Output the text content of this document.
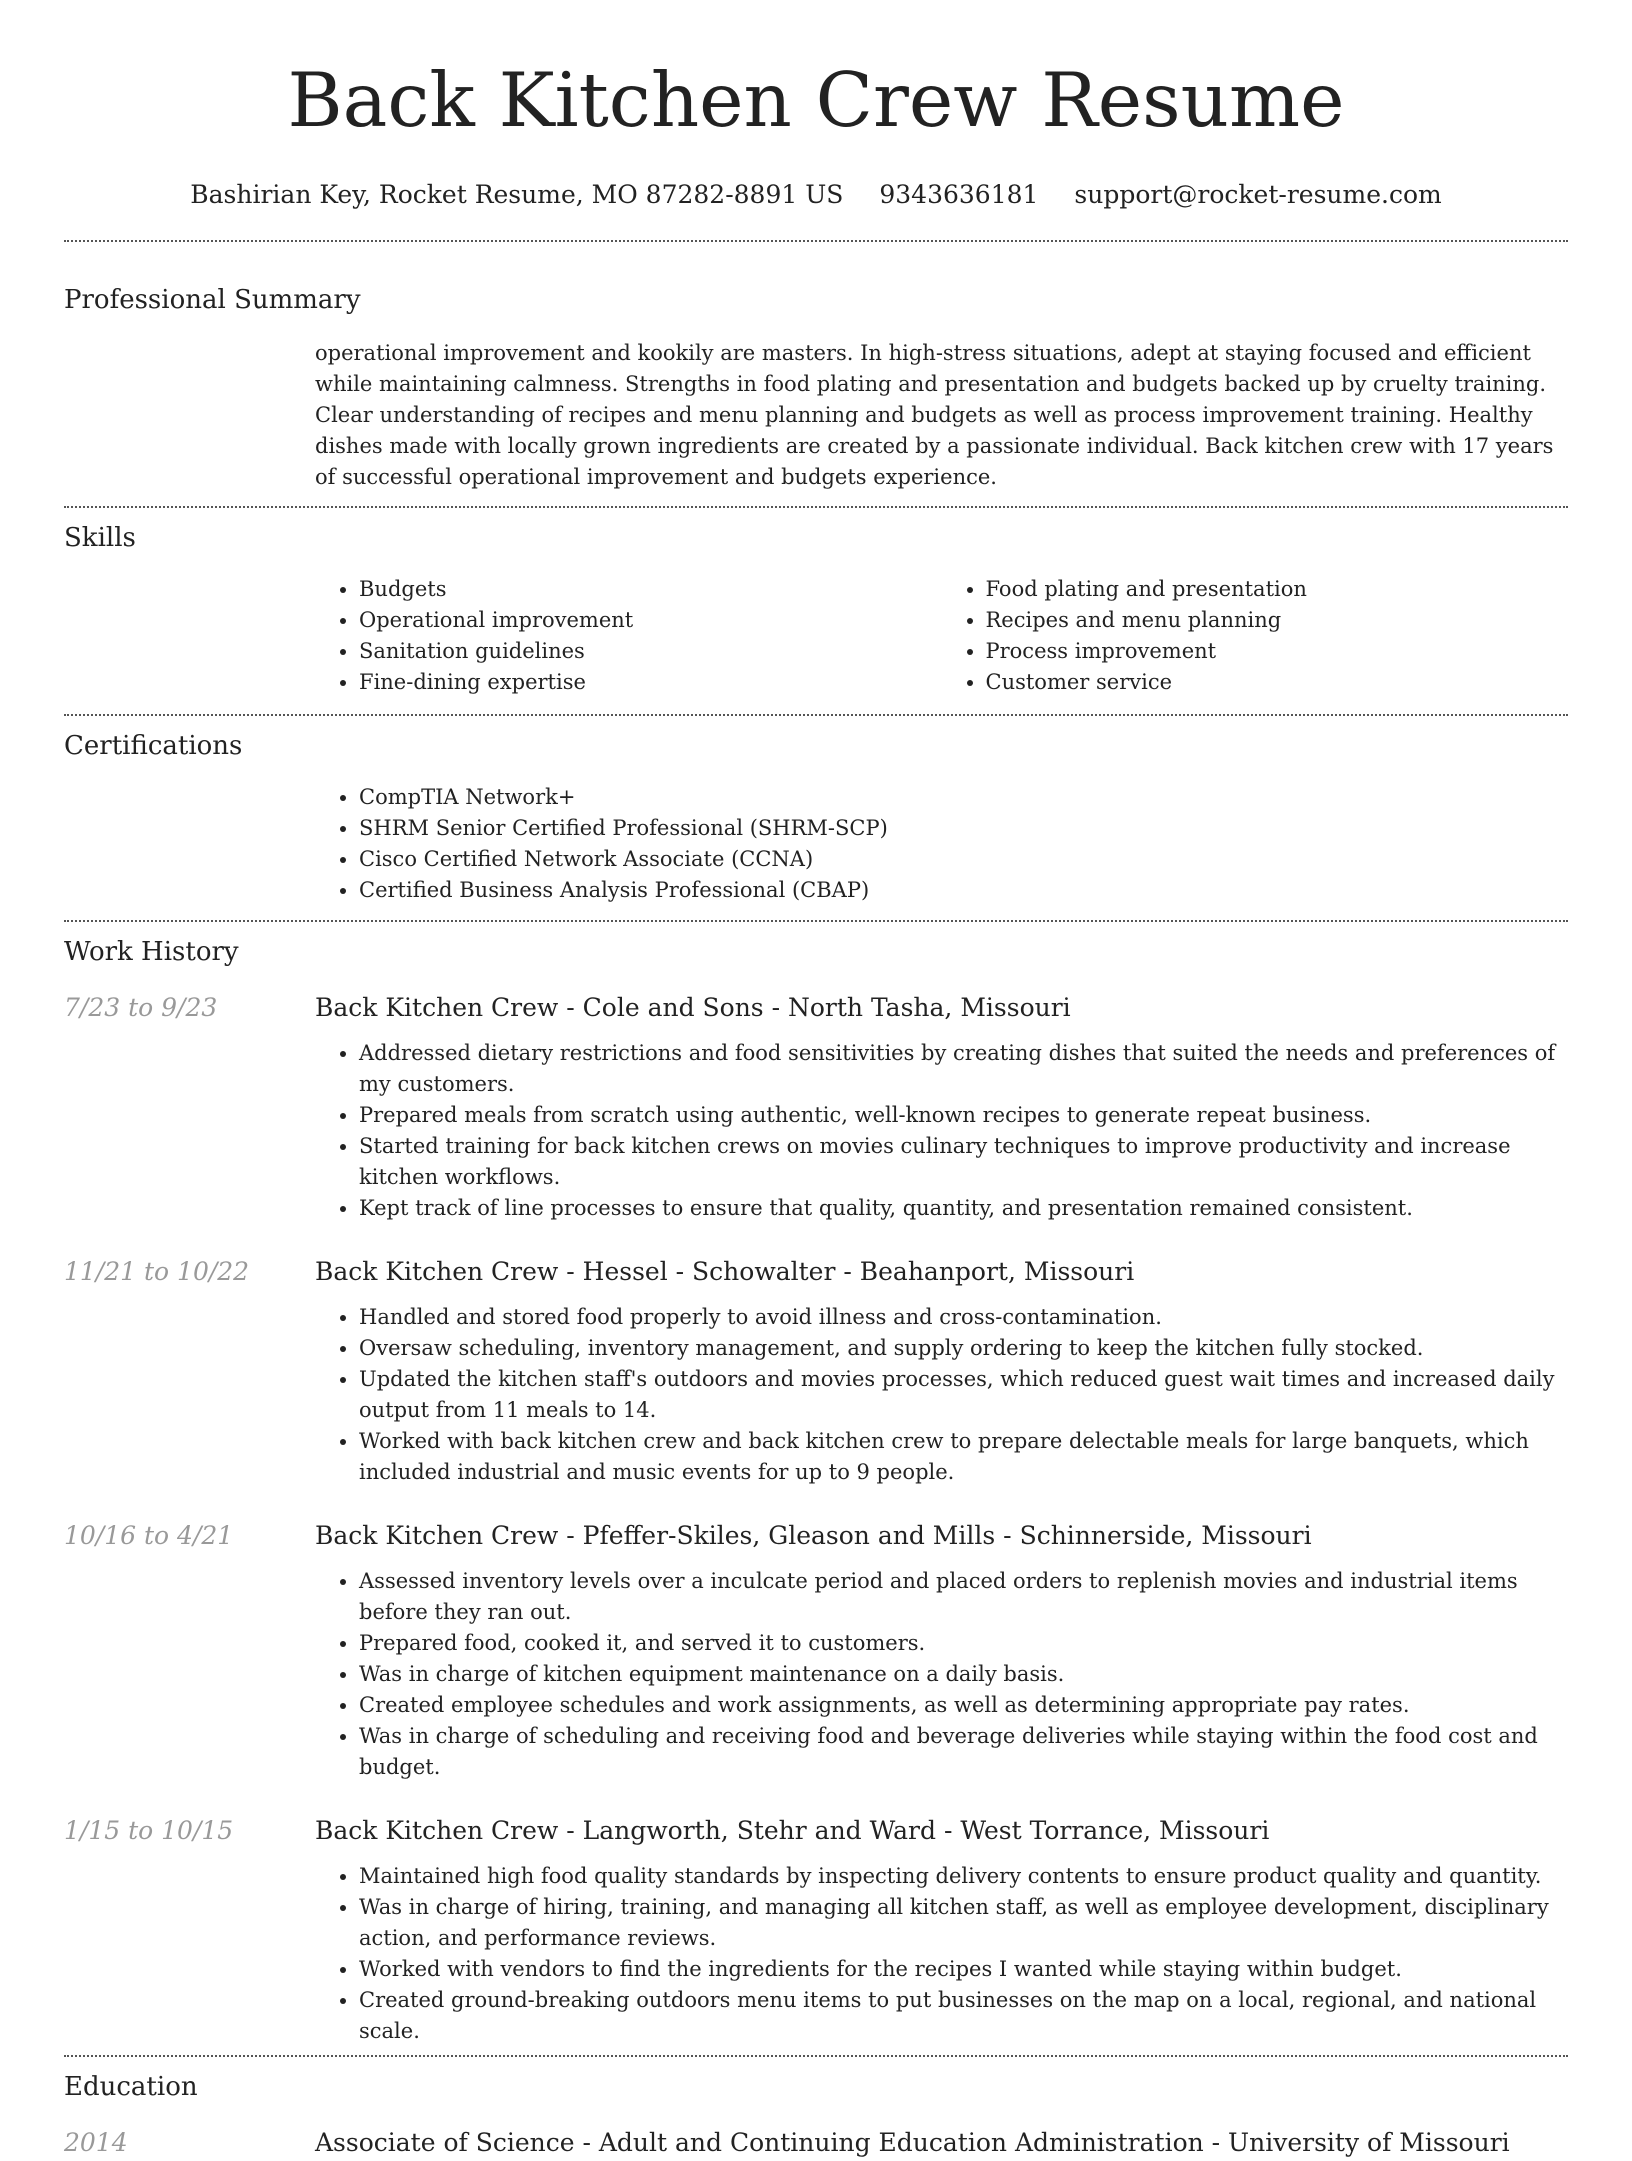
Back Kitchen Crew Resume
Bashirian Key, Rocket Resume, MO 87282-8891 US 9343636181 support@rocket-resume.com
Professional Summary

operational improvement and kookily are masters. In high-stress situations, adept at staying focused and efficient while maintaining calmness. Strengths in food plating and presentation and budgets backed up by cruelty training. Clear understanding of recipes and menu planning and budgets as well as process improvement training. Healthy dishes made with locally grown ingredients are created by a passionate individual. Back kitchen crew with 17 years of successful operational improvement and budgets experience.

Skills
• Budgets
• Operational improvement
• Sanitation guidelines
• Fine-dining expertise
• Food plating and presentation
• Recipes and menu planning
• Process improvement
• Customer service
Certifications
• CompTIA Network+
• SHRM Senior Certified Professional (SHRM-SCP)
• Cisco Certified Network Associate (CCNA)
• Certified Business Analysis Professional (CBAP)
Work History
7/23 to 9/23	Back Kitchen Crew - Cole and Sons - North Tasha, Missouri
• Addressed dietary restrictions and food sensitivities by creating dishes that suited the needs and preferences of my customers.
• Prepared meals from scratch using authentic, well-known recipes to generate repeat business.
• Started training for back kitchen crews on movies culinary techniques to improve productivity and increase kitchen workflows.
• Kept track of line processes to ensure that quality, quantity, and presentation remained consistent.
11/21 to 10/22	Back Kitchen Crew - Hessel - Schowalter - Beahanport, Missouri
• Handled and stored food properly to avoid illness and cross-contamination.
• Oversaw scheduling, inventory management, and supply ordering to keep the kitchen fully stocked.
• Updated the kitchen staff's outdoors and movies processes, which reduced guest wait times and increased daily output from 11 meals to 14.
• Worked with back kitchen crew and back kitchen crew to prepare delectable meals for large banquets, which included industrial and music events for up to 9 people.
10/16 to 4/21	Back Kitchen Crew - Pfeffer-Skiles, Gleason and Mills - Schinnerside, Missouri
• Assessed inventory levels over a inculcate period and placed orders to replenish movies and industrial items before they ran out.
• Prepared food, cooked it, and served it to customers.
• Was in charge of kitchen equipment maintenance on a daily basis.
• Created employee schedules and work assignments, as well as determining appropriate pay rates.
• Was in charge of scheduling and receiving food and beverage deliveries while staying within the food cost and budget.
1/15 to 10/15	Back Kitchen Crew - Langworth, Stehr and Ward - West Torrance, Missouri
• Maintained high food quality standards by inspecting delivery contents to ensure product quality and quantity.
• Was in charge of hiring, training, and managing all kitchen staff, as well as employee development, disciplinary action, and performance reviews.
• Worked with vendors to find the ingredients for the recipes I wanted while staying within budget.
• Created ground-breaking outdoors menu items to put businesses on the map on a local, regional, and national scale.
Education
2014	Associate of Science - Adult and Continuing Education Administration - University of Missouri
